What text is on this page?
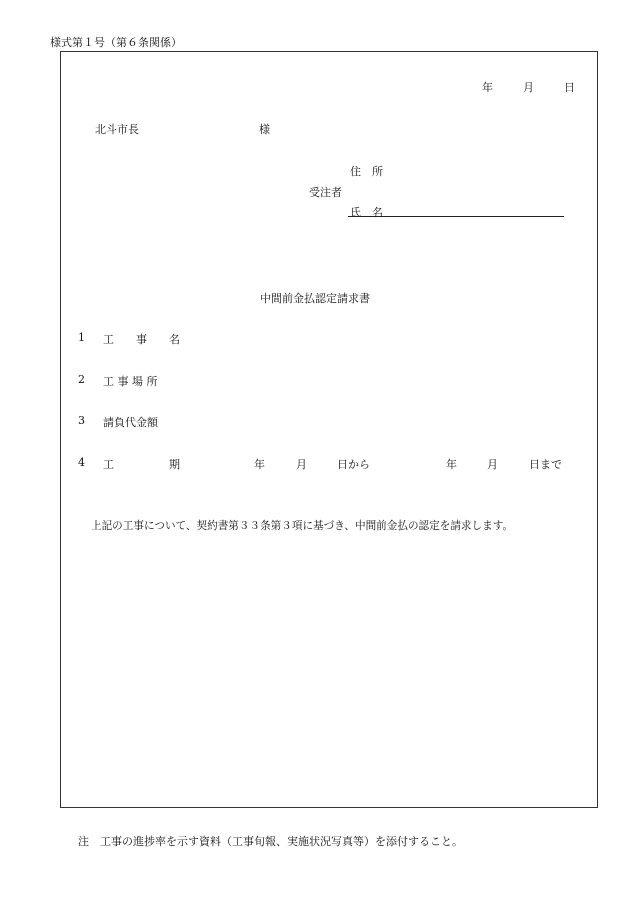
様式第１号（第６条関係）
年	月	日
北斗市長	様
住　所
受注者
氏　名
中間前金払認定請求書
1 工　　事　　名
2 工 事 場 所
3 請負代金額
4 工　　　　　期	年	月	日から	年	月	日まで
上記の工事について、契約書第３３条第３項に基づき、中間前金払の認定を請求します。
注　工事の進捗率を示す資料（工事旬報、実施状況写真等）を添付すること。
